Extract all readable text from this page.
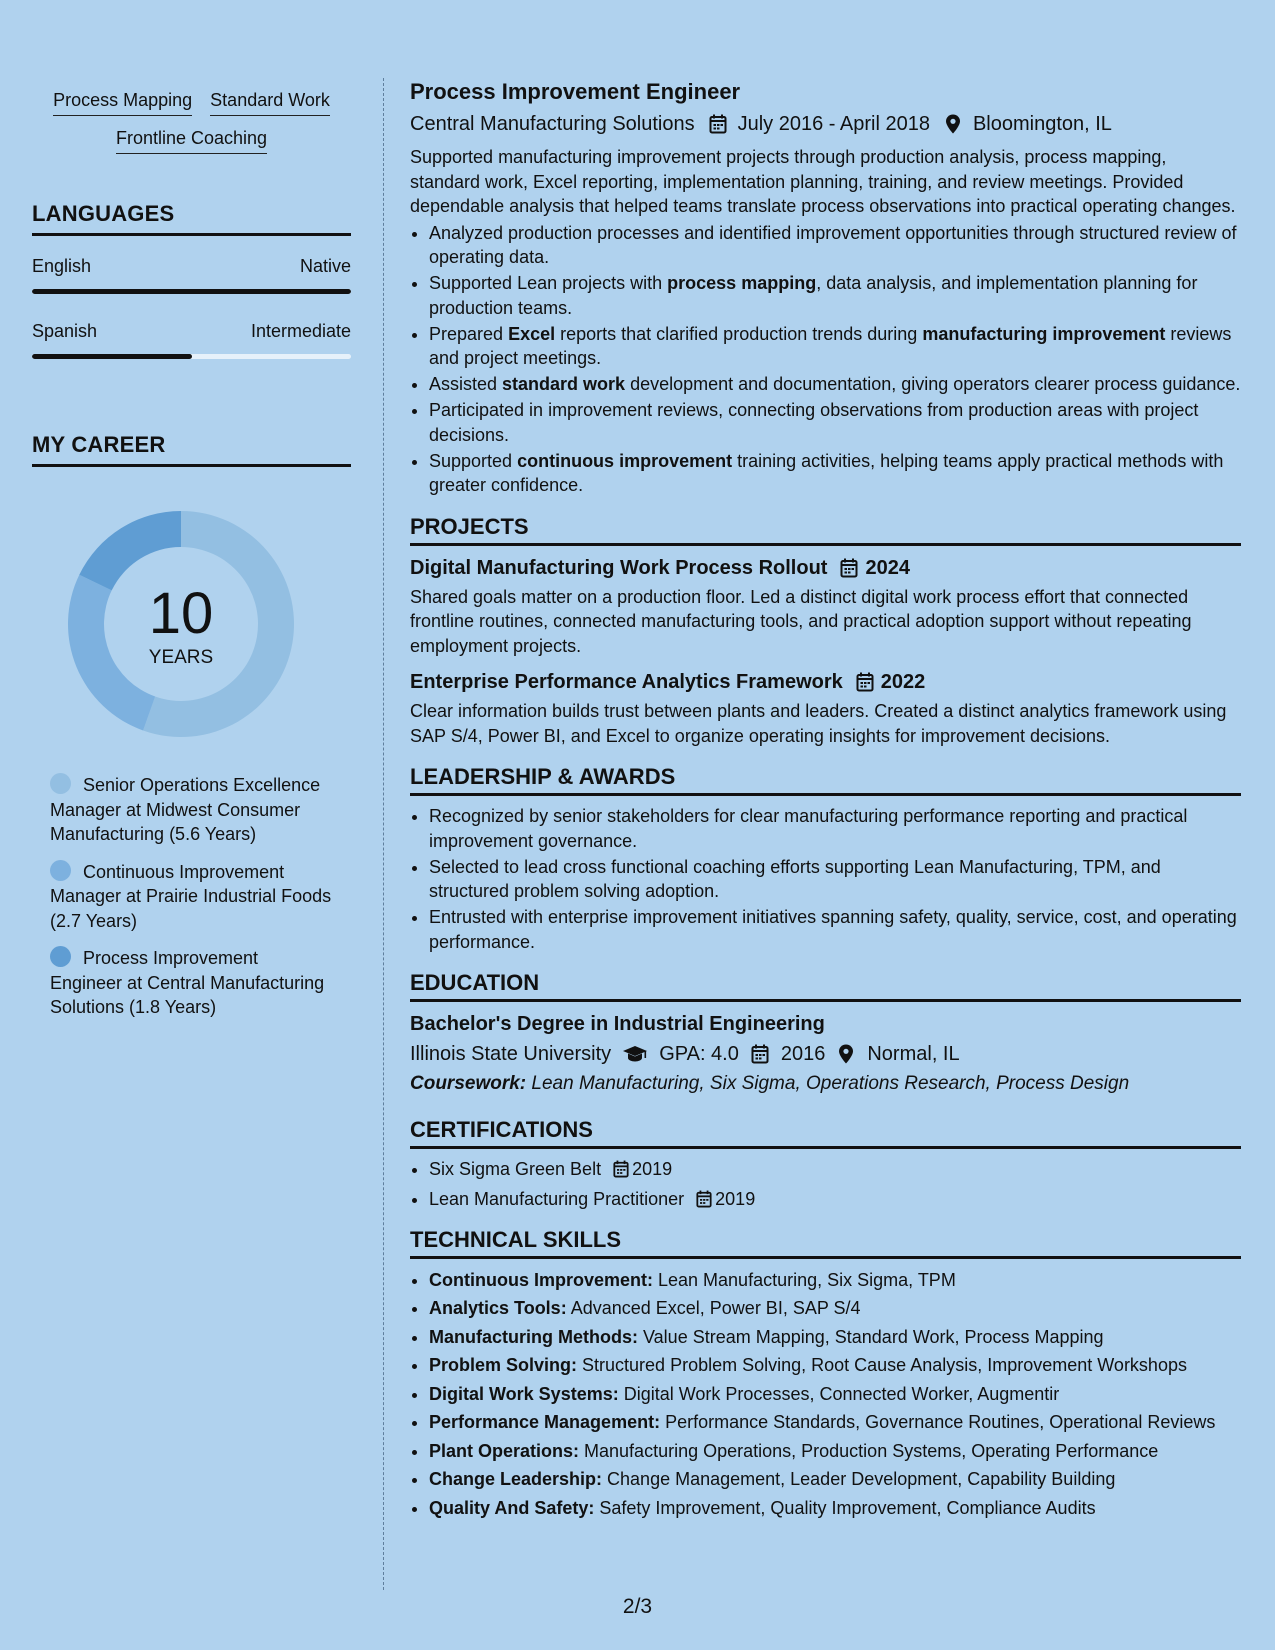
Process Mapping Standard Work
Frontline Coaching
LANGUAGES
English	Native
Spanish	Intermediate
MY CAREER
10
YEARS
Senior Operations Excellence Manager at Midwest Consumer Manufacturing (5.6 Years)
Continuous Improvement Manager at Prairie Industrial Foods (2.7 Years)
Process Improvement Engineer at Central Manufacturing Solutions (1.8 Years)
Process Improvement Engineer
Central Manufacturing Solutions July 2016 - April 2018 Bloomington, IL

Supported manufacturing improvement projects through production analysis, process mapping, standard work, Excel reporting, implementation planning, training, and review meetings. Provided dependable analysis that helped teams translate process observations into practical operating changes.

• Analyzed production processes and identified improvement opportunities through structured review of operating data.
• Supported Lean projects with process mapping, data analysis, and implementation planning for production teams.
• Prepared Excel reports that clarified production trends during manufacturing improvement reviews and project meetings.
• Assisted standard work development and documentation, giving operators clearer process guidance.
• Participated in improvement reviews, connecting observations from production areas with project decisions.
• Supported continuous improvement training activities, helping teams apply practical methods with greater confidence.
PROJECTS
Digital Manufacturing Work Process Rollout 2024

Shared goals matter on a production floor. Led a distinct digital work process effort that connected frontline routines, connected manufacturing tools, and practical adoption support without repeating employment projects.

Enterprise Performance Analytics Framework 2022

Clear information builds trust between plants and leaders. Created a distinct analytics framework using SAP S/4, Power BI, and Excel to organize operating insights for improvement decisions.

LEADERSHIP & AWARDS
• Recognized by senior stakeholders for clear manufacturing performance reporting and practical improvement governance.
• Selected to lead cross functional coaching efforts supporting Lean Manufacturing, TPM, and structured problem solving adoption.
• Entrusted with enterprise improvement initiatives spanning safety, quality, service, cost, and operating performance.
EDUCATION
Bachelor's Degree in Industrial Engineering
Illinois State University GPA: 4.0 2016 Normal, IL
Coursework: Lean Manufacturing, Six Sigma, Operations Research, Process Design
CERTIFICATIONS
• Six Sigma Green Belt 2019
• Lean Manufacturing Practitioner 2019
TECHNICAL SKILLS
• Continuous Improvement: Lean Manufacturing, Six Sigma, TPM
• Analytics Tools: Advanced Excel, Power BI, SAP S/4
• Manufacturing Methods: Value Stream Mapping, Standard Work, Process Mapping
• Problem Solving: Structured Problem Solving, Root Cause Analysis, Improvement Workshops
• Digital Work Systems: Digital Work Processes, Connected Worker, Augmentir
• Performance Management: Performance Standards, Governance Routines, Operational Reviews
• Plant Operations: Manufacturing Operations, Production Systems, Operating Performance
• Change Leadership: Change Management, Leader Development, Capability Building
• Quality And Safety: Safety Improvement, Quality Improvement, Compliance Audits
2/3
